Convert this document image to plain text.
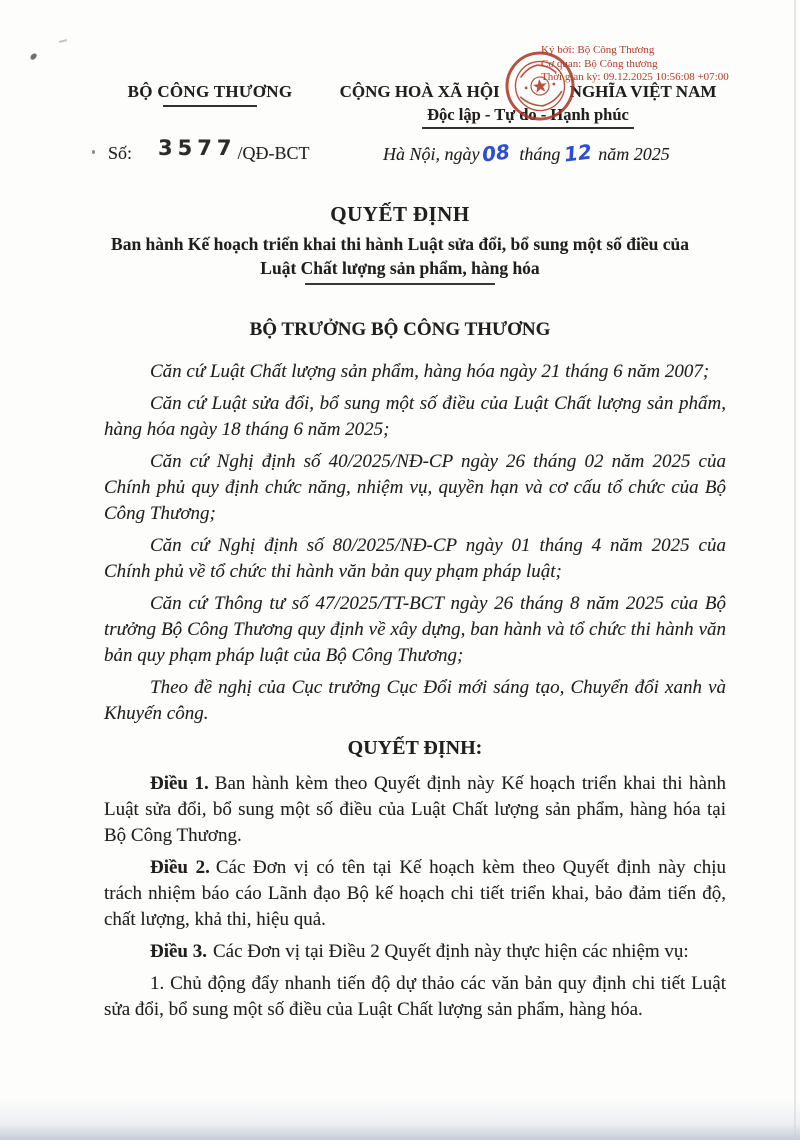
BỘ CÔNG THƯƠNG	CỘNG HOÀ XÃ HỘI	NGHĨA VIỆT NAM
Độc lập - Tự do - Hạnh phúc
Ký bởi: Bộ Công Thương
Cơ quan: Bộ Công thương
Thời gian ký: 09.12.2025 10:56:08 +07:00
Số: 3577/QĐ-BCT	Hà Nội, ngày08 tháng 12 năm 2025
QUYẾT ĐỊNH
Ban hành Kế hoạch triển khai thi hành Luật sửa đổi, bổ sung một số điều của
Luật Chất lượng sản phẩm, hàng hóa
BỘ TRƯỞNG BỘ CÔNG THƯƠNG

Căn cứ Luật Chất lượng sản phẩm, hàng hóa ngày 21 tháng 6 năm 2007;

Căn cứ Luật sửa đổi, bổ sung một số điều của Luật Chất lượng sản phẩm, hàng hóa ngày 18 tháng 6 năm 2025;

Căn cứ Nghị định số 40/2025/NĐ-CP ngày 26 tháng 02 năm 2025 của Chính phủ quy định chức năng, nhiệm vụ, quyền hạn và cơ cấu tổ chức của Bộ Công Thương;

Căn cứ Nghị định số 80/2025/NĐ-CP ngày 01 tháng 4 năm 2025 của Chính phủ về tổ chức thi hành văn bản quy phạm pháp luật;

Căn cứ Thông tư số 47/2025/TT-BCT ngày 26 tháng 8 năm 2025 của Bộ trưởng Bộ Công Thương quy định về xây dựng, ban hành và tổ chức thi hành văn bản quy phạm pháp luật của Bộ Công Thương;

Theo đề nghị của Cục trưởng Cục Đổi mới sáng tạo, Chuyển đổi xanh và Khuyến công.

QUYẾT ĐỊNH:

Điều 1. Ban hành kèm theo Quyết định này Kế hoạch triển khai thi hành Luật sửa đổi, bổ sung một số điều của Luật Chất lượng sản phẩm, hàng hóa tại Bộ Công Thương.

Điều 2. Các Đơn vị có tên tại Kế hoạch kèm theo Quyết định này chịu trách nhiệm báo cáo Lãnh đạo Bộ kế hoạch chi tiết triển khai, bảo đảm tiến độ, chất lượng, khả thi, hiệu quả.

Điều 3. Các Đơn vị tại Điều 2 Quyết định này thực hiện các nhiệm vụ:

1. Chủ động đẩy nhanh tiến độ dự thảo các văn bản quy định chi tiết Luật sửa đổi, bổ sung một số điều của Luật Chất lượng sản phẩm, hàng hóa.
